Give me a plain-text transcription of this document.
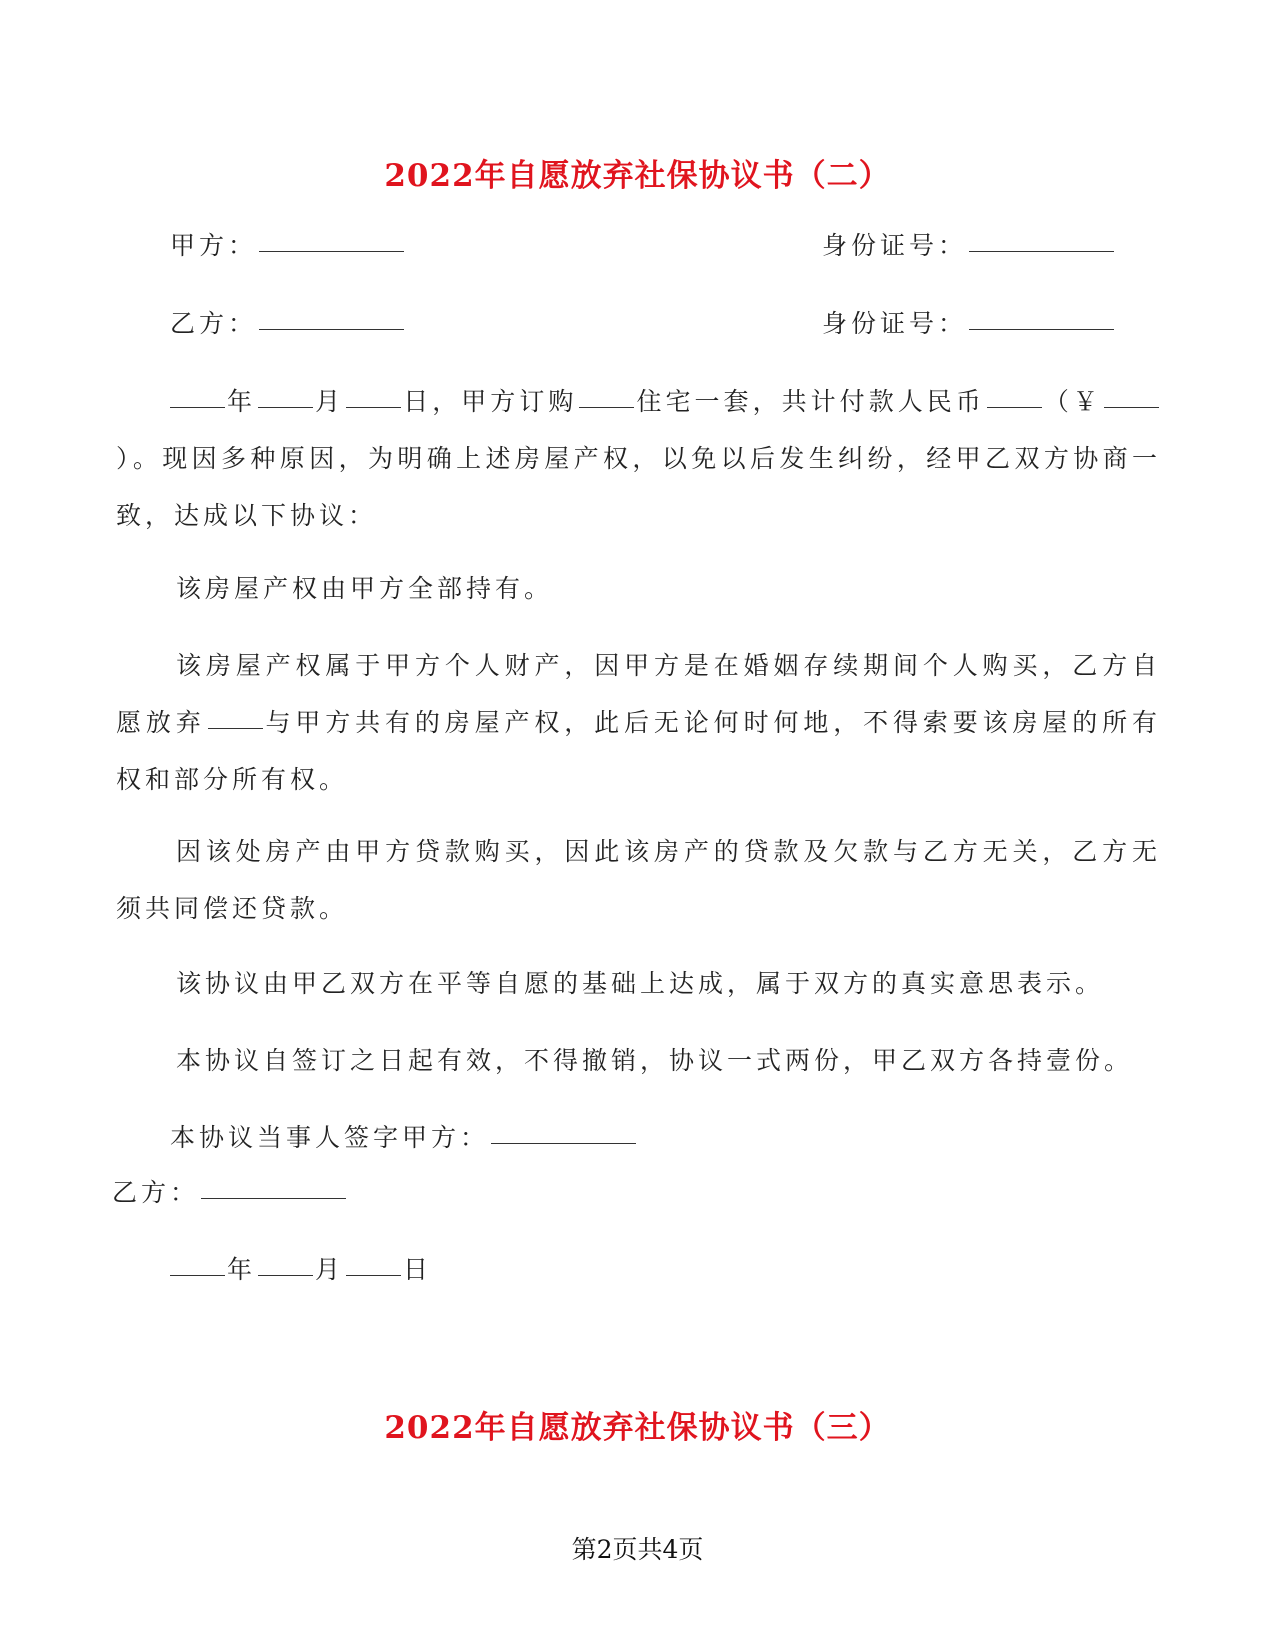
2022年自愿放弃社保协议书（二）
甲方：	身份证号：
乙方：	身份证号：
年 月 日，甲方订购 住宅一套，共计付款人民币 （￥）。现因多种原因，为明确上述房屋产权，以免以后发生纠纷，经甲乙双方协商一致，达成以下协议：
该房屋产权由甲方全部持有。
该房屋产权属于甲方个人财产，因甲方是在婚姻存续期间个人购买，乙方自愿放弃 与甲方共有的房屋产权，此后无论何时何地，不得索要该房屋的所有权和部分所有权。
因该处房产由甲方贷款购买，因此该房产的贷款及欠款与乙方无关，乙方无须共同偿还贷款。
该协议由甲乙双方在平等自愿的基础上达成，属于双方的真实意思表示。
本协议自签订之日起有效，不得撤销，协议一式两份，甲乙双方各持壹份。
本协议当事人签字甲方：
乙方：
年 月 日
2022年自愿放弃社保协议书（三）
第2页共4页
